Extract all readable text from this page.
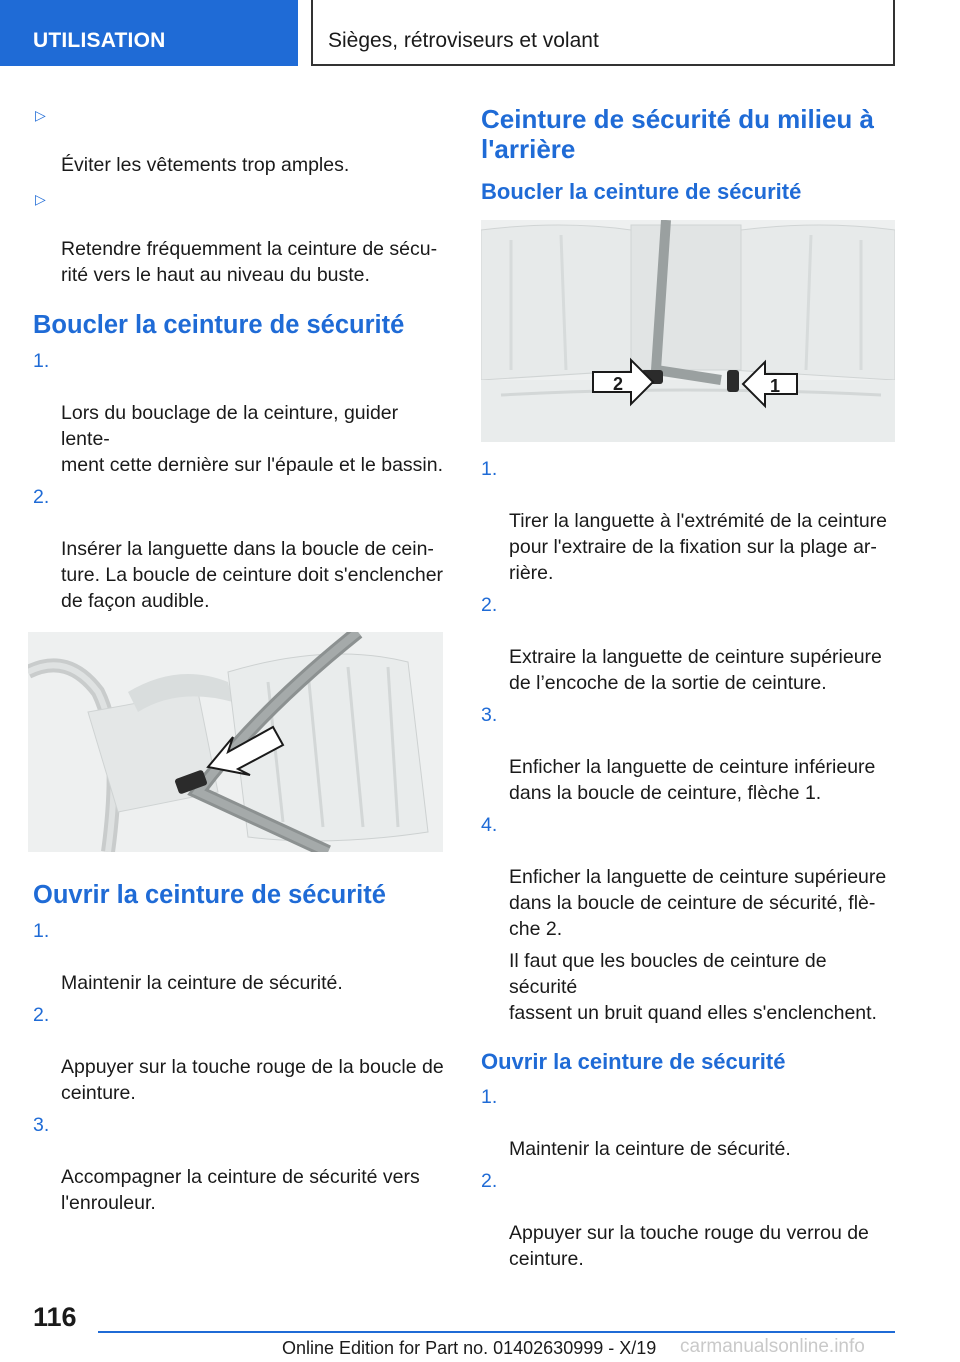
UTILISATION	Sièges, rétroviseurs et volant

▷

Éviter les vêtements trop amples.

▷

Retendre fréquemment la ceinture de sécu-
rité vers le haut au niveau du buste.

Boucler la ceinture de sécurité

1.

Lors du bouclage de la ceinture, guider lente-
ment cette dernière sur l'épaule et le bassin.

2.

Insérer la languette dans la boucle de cein-
ture. La boucle de ceinture doit s'enclencher
de façon audible.

Ouvrir la ceinture de sécurité

1.

Maintenir la ceinture de sécurité.

2.

Appuyer sur la touche rouge de la boucle de
ceinture.

3.

Accompagner la ceinture de sécurité vers
l'enrouleur.

Ceinture de sécurité du milieu à
l'arrière
Boucler la ceinture de sécurité
2	1

1.

Tirer la languette à l'extrémité de la ceinture
pour l'extraire de la fixation sur la plage ar-
rière.

2.

Extraire la languette de ceinture supérieure
de l’encoche de la sortie de ceinture.

3.

Enficher la languette de ceinture inférieure
dans la boucle de ceinture, flèche 1.

4.

Enficher la languette de ceinture supérieure
dans la boucle de ceinture de sécurité, flè-
che 2.

Il faut que les boucles de ceinture de sécurité
fassent un bruit quand elles s'enclenchent.
Ouvrir la ceinture de sécurité

1.

Maintenir la ceinture de sécurité.

2.

Appuyer sur la touche rouge du verrou de
ceinture.

116
Online Edition for Part no. 01402630999 - X/19 carmanualsonline.info
